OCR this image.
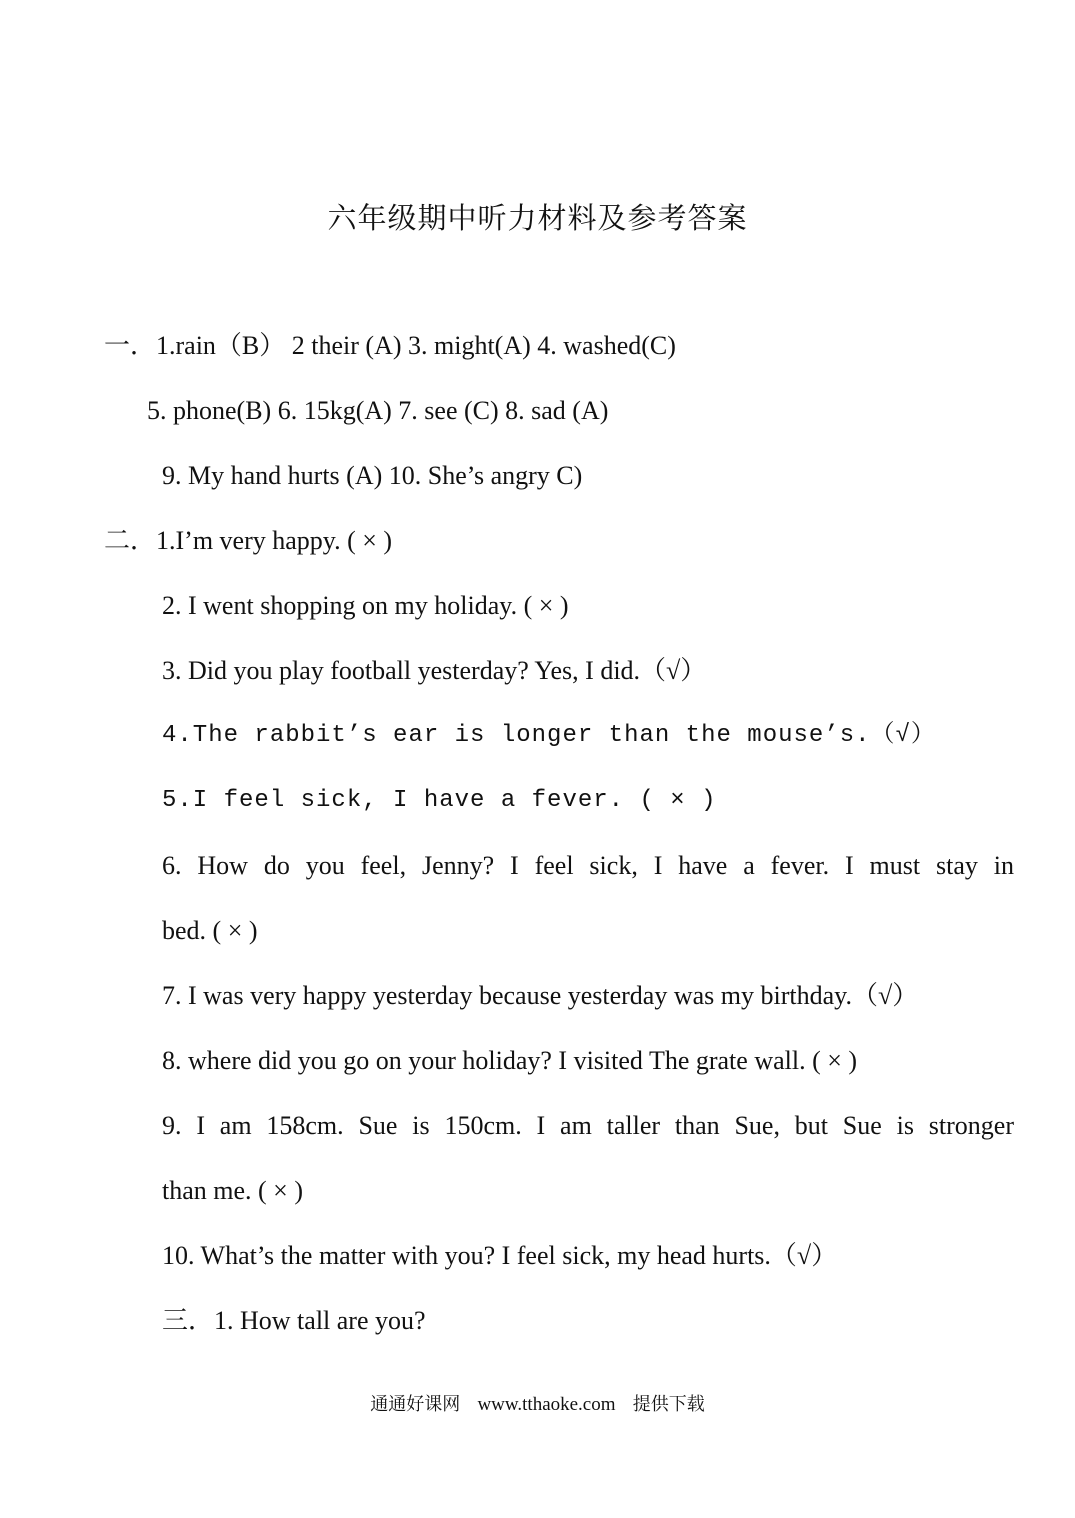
六年级期中听力材料及参考答案
一．1.rain（B） 2 their (A) 3. might(A) 4. washed(C)
5. phone(B) 6. 15kg(A) 7. see (C) 8. sad (A)
9. My hand hurts (A) 10. She’s angry C)
二．1.I’m very happy. ( × )
2. I went shopping on my holiday. ( × )
3. Did you play football yesterday? Yes, I did.（√）
4.The rabbit’s ear is longer than the mouse’s.（√）
5.I feel sick, I have a fever. ( × )
6. How do you feel, Jenny? I feel sick, I have a fever. I must stay in
bed. ( × )
7. I was very happy yesterday because yesterday was my birthday.（√）
8. where did you go on your holiday? I visited The grate wall. ( × )
9. I am 158cm. Sue is 150cm. I am taller than Sue, but Sue is stronger
than me. ( × )
10. What’s the matter with you? I feel sick, my head hurts.（√）
三．1. How tall are you?
通通好课网 www.tthaoke.com 提供下载
